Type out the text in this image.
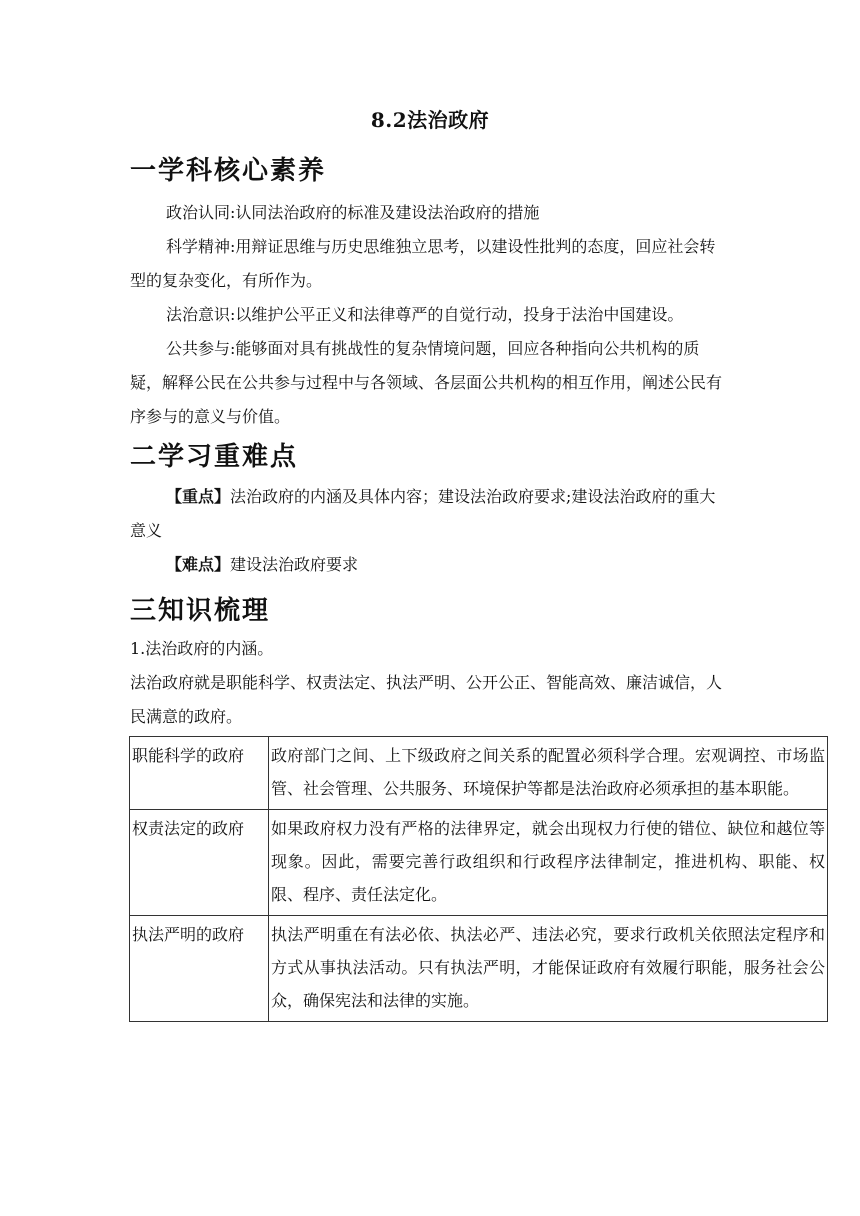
8.2法治政府
一学科核心素养
政治认同:认同法治政府的标准及建设法治政府的措施
科学精神:用辩证思维与历史思维独立思考，以建设性批判的态度，回应社会转型的复杂变化，有所作为。
法治意识:以维护公平正义和法律尊严的自觉行动，投身于法治中国建设。
公共参与:能够面对具有挑战性的复杂情境问题，回应各种指向公共机构的质疑，解释公民在公共参与过程中与各领域、各层面公共机构的相互作用，阐述公民有序参与的意义与价值。
二学习重难点
【重点】法治政府的内涵及具体内容；建设法治政府要求;建设法治政府的重大意义
【难点】建设法治政府要求
三知识梳理
1.法治政府的内涵。
法治政府就是职能科学、权责法定、执法严明、公开公正、智能高效、廉洁诚信，人民满意的政府。
职能科学的政府	政府部门之间、上下级政府之间关系的配置必须科学合理。宏观调控、市场监管、社会管理、公共服务、环境保护等都是法治政府必须承担的基本职能。
权责法定的政府	如果政府权力没有严格的法律界定，就会出现权力行使的错位、缺位和越位等现象。因此，需要完善行政组织和行政程序法律制定，推进机构、职能、权限、程序、责任法定化。
执法严明的政府	执法严明重在有法必依、执法必严、违法必究，要求行政机关依照法定程序和方式从事执法活动。只有执法严明，才能保证政府有效履行职能，服务社会公众，确保宪法和法律的实施。
